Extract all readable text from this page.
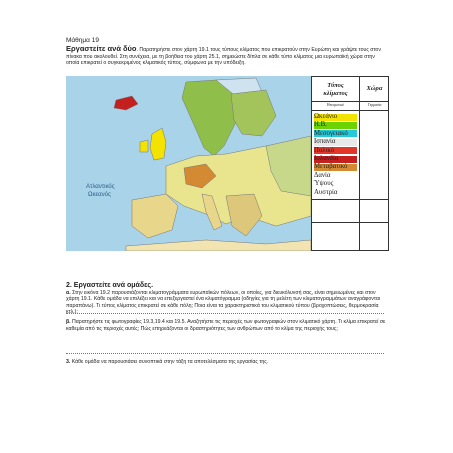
Μάθημα 19
Εργαστείτε ανά δύο. Παρατηρήστε στον χάρτη 19.1 τους τύπους κλίματος που επικρατούν στην Ευρώπη και γράψτε τους στον πίνακα που ακολουθεί. Στη συνέχεια, με τη βοήθεια του χάρτη 25.1, σημειώστε δίπλα σε κάθε τύπο κλίματος μια ευρωπαϊκή χώρα στην οποία επικρατεί ο συγκεκριμένος κλιματικός τύπος, σύμφωνα με την υπόδειξη.
Ατλαντικός
Ωκεανός
Τύπος
κλίματος
Χώρα
Ηπειρωτικό	Γερμανία
Ωκεάνιο
Η.Β.
Μεσογειακό
Ισπανία
Πολικό
Ισλανδία
Μεταβατικό
Δανία
Ύψους
Αυστρία
2. Εργαστείτε ανά ομάδες.
α. Στην εικόνα 19.2 παρουσιάζονται κλιματογράμματα ευρωπαϊκών πόλεων, οι οποίες, για διευκόλυνσή σας, είναι σημειωμένες και στον χάρτη 19.1. Κάθε ομάδα να επιλέξει και να επεξεργαστεί ένα κλιματόγραμμα (οδηγίες για τη μελέτη των κλιματογραμμάτων αναγράφονται παραπάνω). Τι τύπος κλίματος επικρατεί σε κάθε πόλη; Ποια είναι τα χαρακτηριστικά του κλιματικού τύπου (βροχοπτώσεις, θερμοκρασία κτλ.);
β. Παρατηρήστε τις φωτογραφίες 19.3,19.4 και 19.5. Αναζητήστε τις περιοχές των φωτογραφιών στον κλιματικό χάρτη. Τι κλίμα επικρατεί σε καθεμία από τις περιοχές αυτές; Πώς επηρεάζονται οι δραστηριότητες των ανθρώπων από το κλίμα της περιοχής τους;
3. Κάθε ομάδα να παρουσιάσει συνοπτικά στην τάξη τα αποτελέσματα της εργασίας της.
